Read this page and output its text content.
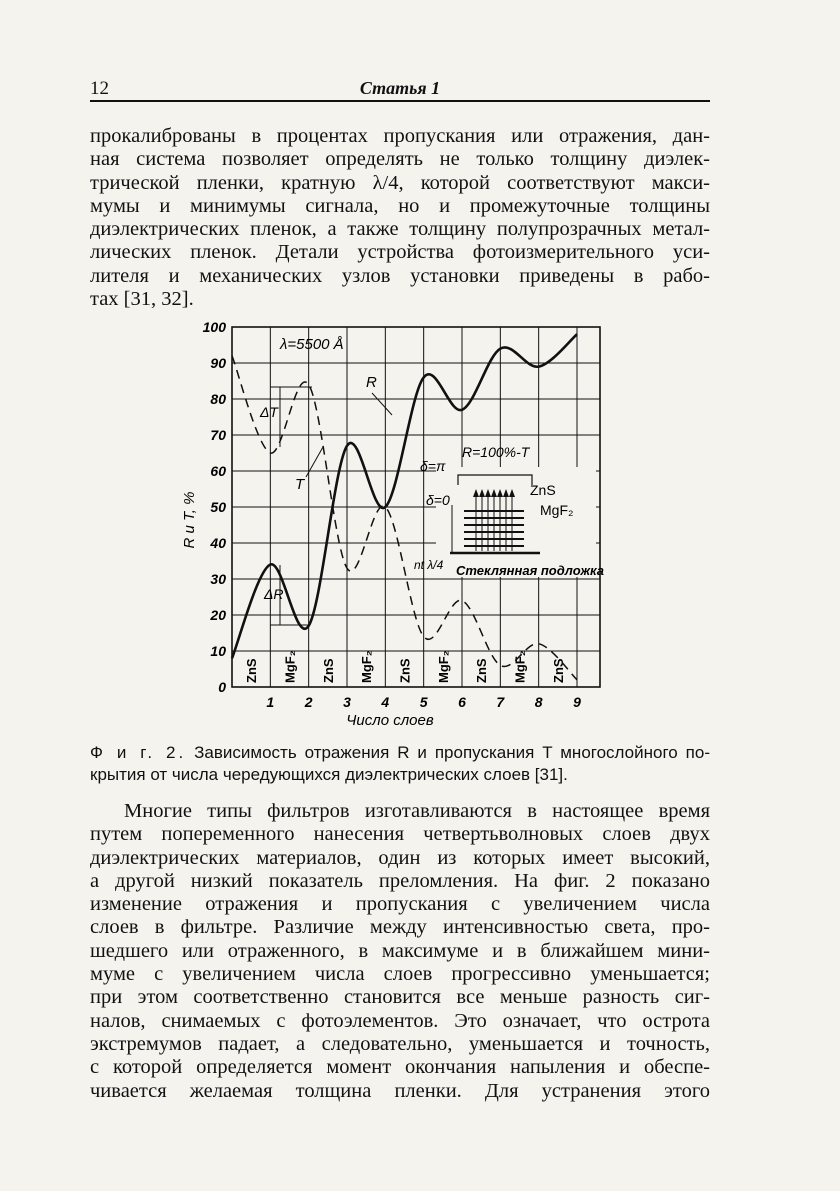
12	Статья 1
прокалиброваны в процентах пропускания или отражения, дан-
ная система позволяет определять не только толщину диэлек-
трической пленки, кратную λ/4, которой соответствуют макси-
мумы и минимумы сигнала, но и промежуточные толщины
диэлектрических пленок, а также толщину полупрозрачных метал-
лических пленок. Детали устройства фотоизмерительного уси-
лителя и механических узлов установки приведены в рабо-
тах [31, 32].
ZnS MgF₂ ZnS MgF₂ ZnS MgF₂ ZnS MgF₂ ZnS
0
10
20
30
40
50
60
70
80
90
100
1 2 3 4 5 6 7 8 9
λ=5500 Å
R и T, %
Число слоев
R
T
ΔT
ΔR
δ=π
R=100%-T
δ=0
ZnS
MgF₂
nt λ/4 Стеклянная подложка
Ф и г. 2. Зависимость отражения R и пропускания T многослойного по-
крытия от числа чередующихся диэлектрических слоев [31].
Многие типы фильтров изготавливаются в настоящее время
путем попеременного нанесения четвертьволновых слоев двух
диэлектрических материалов, один из которых имеет высокий,
а другой низкий показатель преломления. На фиг. 2 показано
изменение отражения и пропускания с увеличением числа
слоев в фильтре. Различие между интенсивностью света, про-
шедшего или отраженного, в максимуме и в ближайшем мини-
муме с увеличением числа слоев прогрессивно уменьшается;
при этом соответственно становится все меньше разность сиг-
налов, снимаемых с фотоэлементов. Это означает, что острота
экстремумов падает, а следовательно, уменьшается и точность,
с которой определяется момент окончания напыления и обеспе-
чивается желаемая толщина пленки. Для устранения этого
